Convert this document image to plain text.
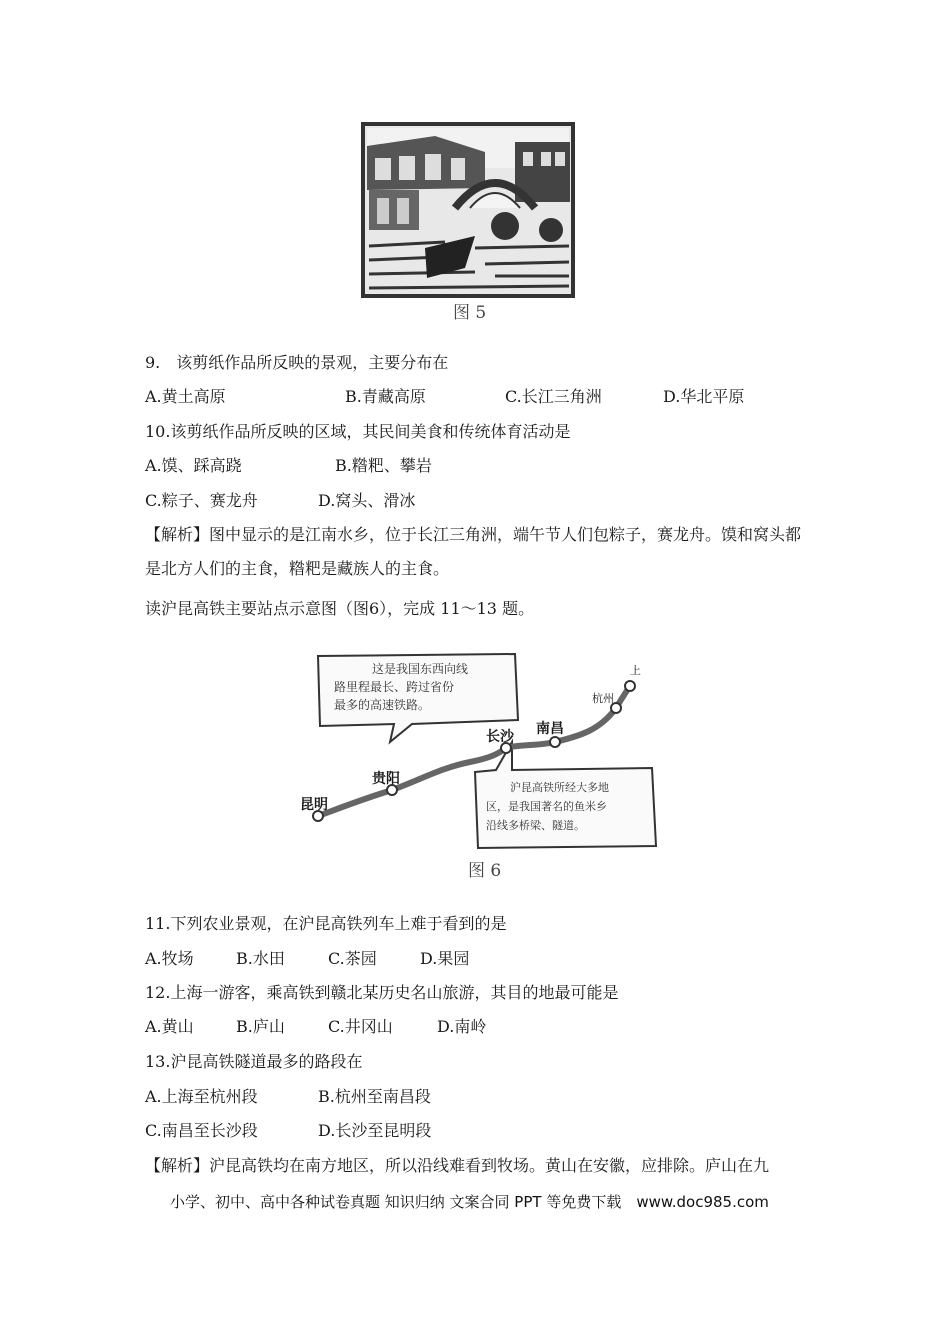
图 5
9.　该剪纸作品所反映的景观，主要分布在
A.黄土高原	B.青藏高原	C.长江三角洲	D.华北平原
10.该剪纸作品所反映的区域，其民间美食和传统体育活动是
A.馍、踩高跷	B.糌粑、攀岩
C.粽子、赛龙舟	D.窝头、滑冰
【解析】图中显示的是江南水乡，位于长江三角洲，端午节人们包粽子，赛龙舟。馍和窝头都是北方人们的主食，糌粑是藏族人的主食。
读沪昆高铁主要站点示意图（图6），完成 11～13 题。
这是我国东西向线
路里程最长、跨过省份
最多的高速铁路。
沪昆高铁所经大多地
区，是我国著名的鱼米乡
沿线多桥梁、隧道。
昆明
贵阳
长沙 南昌
杭州
上
图 6
11.下列农业景观，在沪昆高铁列车上难于看到的是
A.牧场	B.水田	C.茶园	D.果园
12.上海一游客，乘高铁到赣北某历史名山旅游，其目的地最可能是
A.黄山	B.庐山	C.井冈山	D.南岭
13.沪昆高铁隧道最多的路段在
A.上海至杭州段	B.杭州至南昌段
C.南昌至长沙段	D.长沙至昆明段
【解析】沪昆高铁均在南方地区，所以沿线难看到牧场。黄山在安徽，应排除。庐山在九
小学、初中、高中各种试卷真题 知识归纳 文案合同 PPT 等免费下载　www.doc985.com
